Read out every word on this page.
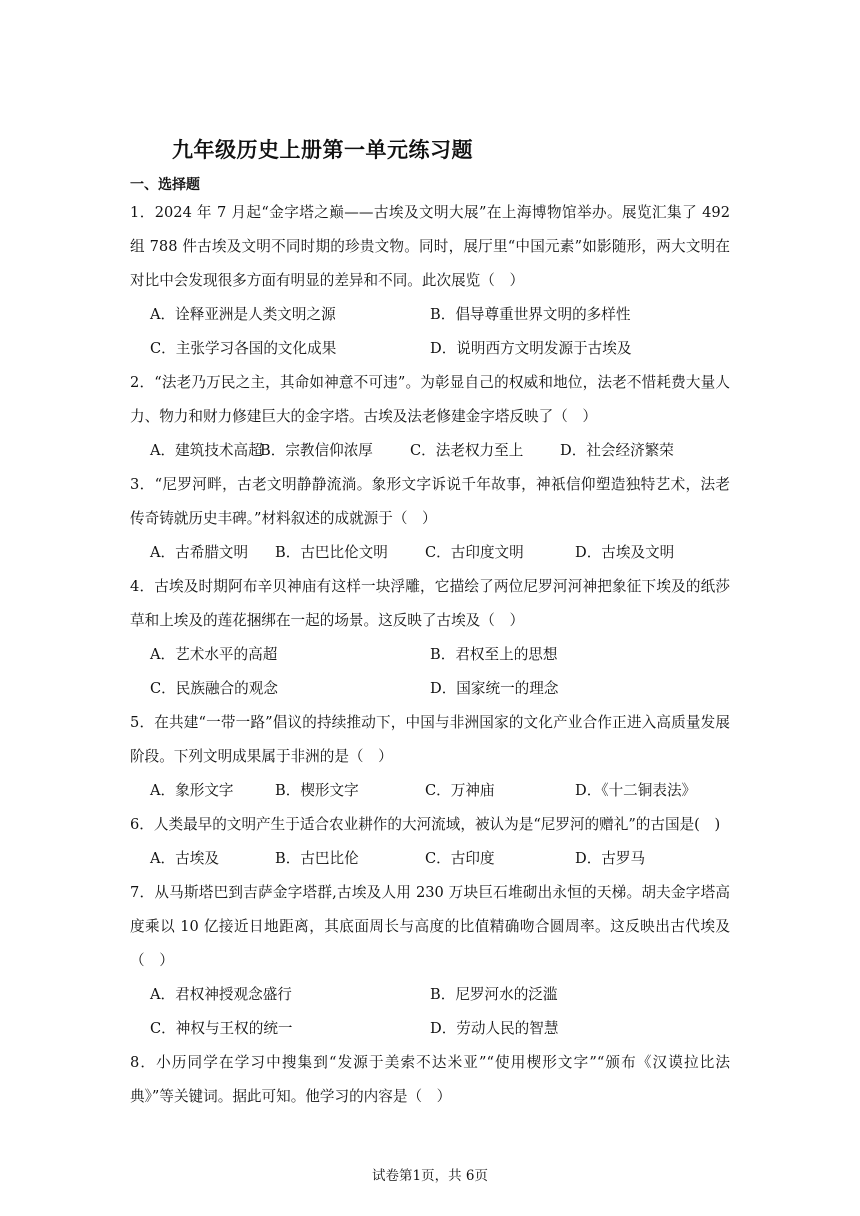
九年级历史上册第一单元练习题
一、选择题
1．2024 年 7 月起“金字塔之巅——古埃及文明大展”在上海博物馆举办。展览汇集了 492 组 788 件古埃及文明不同时期的珍贵文物。同时，展厅里“中国元素”如影随形，两大文明在对比中会发现很多方面有明显的差异和不同。此次展览（　）
A．诠释亚洲是人类文明之源	B．倡导尊重世界文明的多样性
C．主张学习各国的文化成果	D．说明西方文明发源于古埃及
2．“法老乃万民之主，其命如神意不可违”。为彰显自己的权威和地位，法老不惜耗费大量人力、物力和财力修建巨大的金字塔。古埃及法老修建金字塔反映了（　）
A．建筑技术高超
B．宗教信仰浓厚	C．法老权力至上	D．社会经济繁荣
3．“尼罗河畔，古老文明静静流淌。象形文字诉说千年故事，神祇信仰塑造独特艺术，法老传奇铸就历史丰碑。”材料叙述的成就源于（　）
A．古希腊文明	B．古巴比伦文明	C．古印度文明	D．古埃及文明
4．古埃及时期阿布辛贝神庙有这样一块浮雕，它描绘了两位尼罗河河神把象征下埃及的纸莎草和上埃及的莲花捆绑在一起的场景。这反映了古埃及（　）
A．艺术水平的高超	B．君权至上的思想
C．民族融合的观念	D．国家统一的理念
5．在共建“一带一路”倡议的持续推动下，中国与非洲国家的文化产业合作正进入高质量发展阶段。下列文明成果属于非洲的是（　）
A．象形文字	B．楔形文字	C．万神庙	D．《十二铜表法》
6．人类最早的文明产生于适合农业耕作的大河流域，被认为是“尼罗河的赠礼”的古国是(　)
A．古埃及	B．古巴比伦	C．古印度	D．古罗马
7．从马斯塔巴到吉萨金字塔群,古埃及人用 230 万块巨石堆砌出永恒的天梯。胡夫金字塔高度乘以 10 亿接近日地距离，其底面周长与高度的比值精确吻合圆周率。这反映出古代埃及（　）
A．君权神授观念盛行	B．尼罗河水的泛滥
C．神权与王权的统一	D．劳动人民的智慧
8．小历同学在学习中搜集到“发源于美索不达米亚”“使用楔形文字”“颁布《汉谟拉比法典》”等关键词。据此可知。他学习的内容是（　）
试卷第1页，共 6页
